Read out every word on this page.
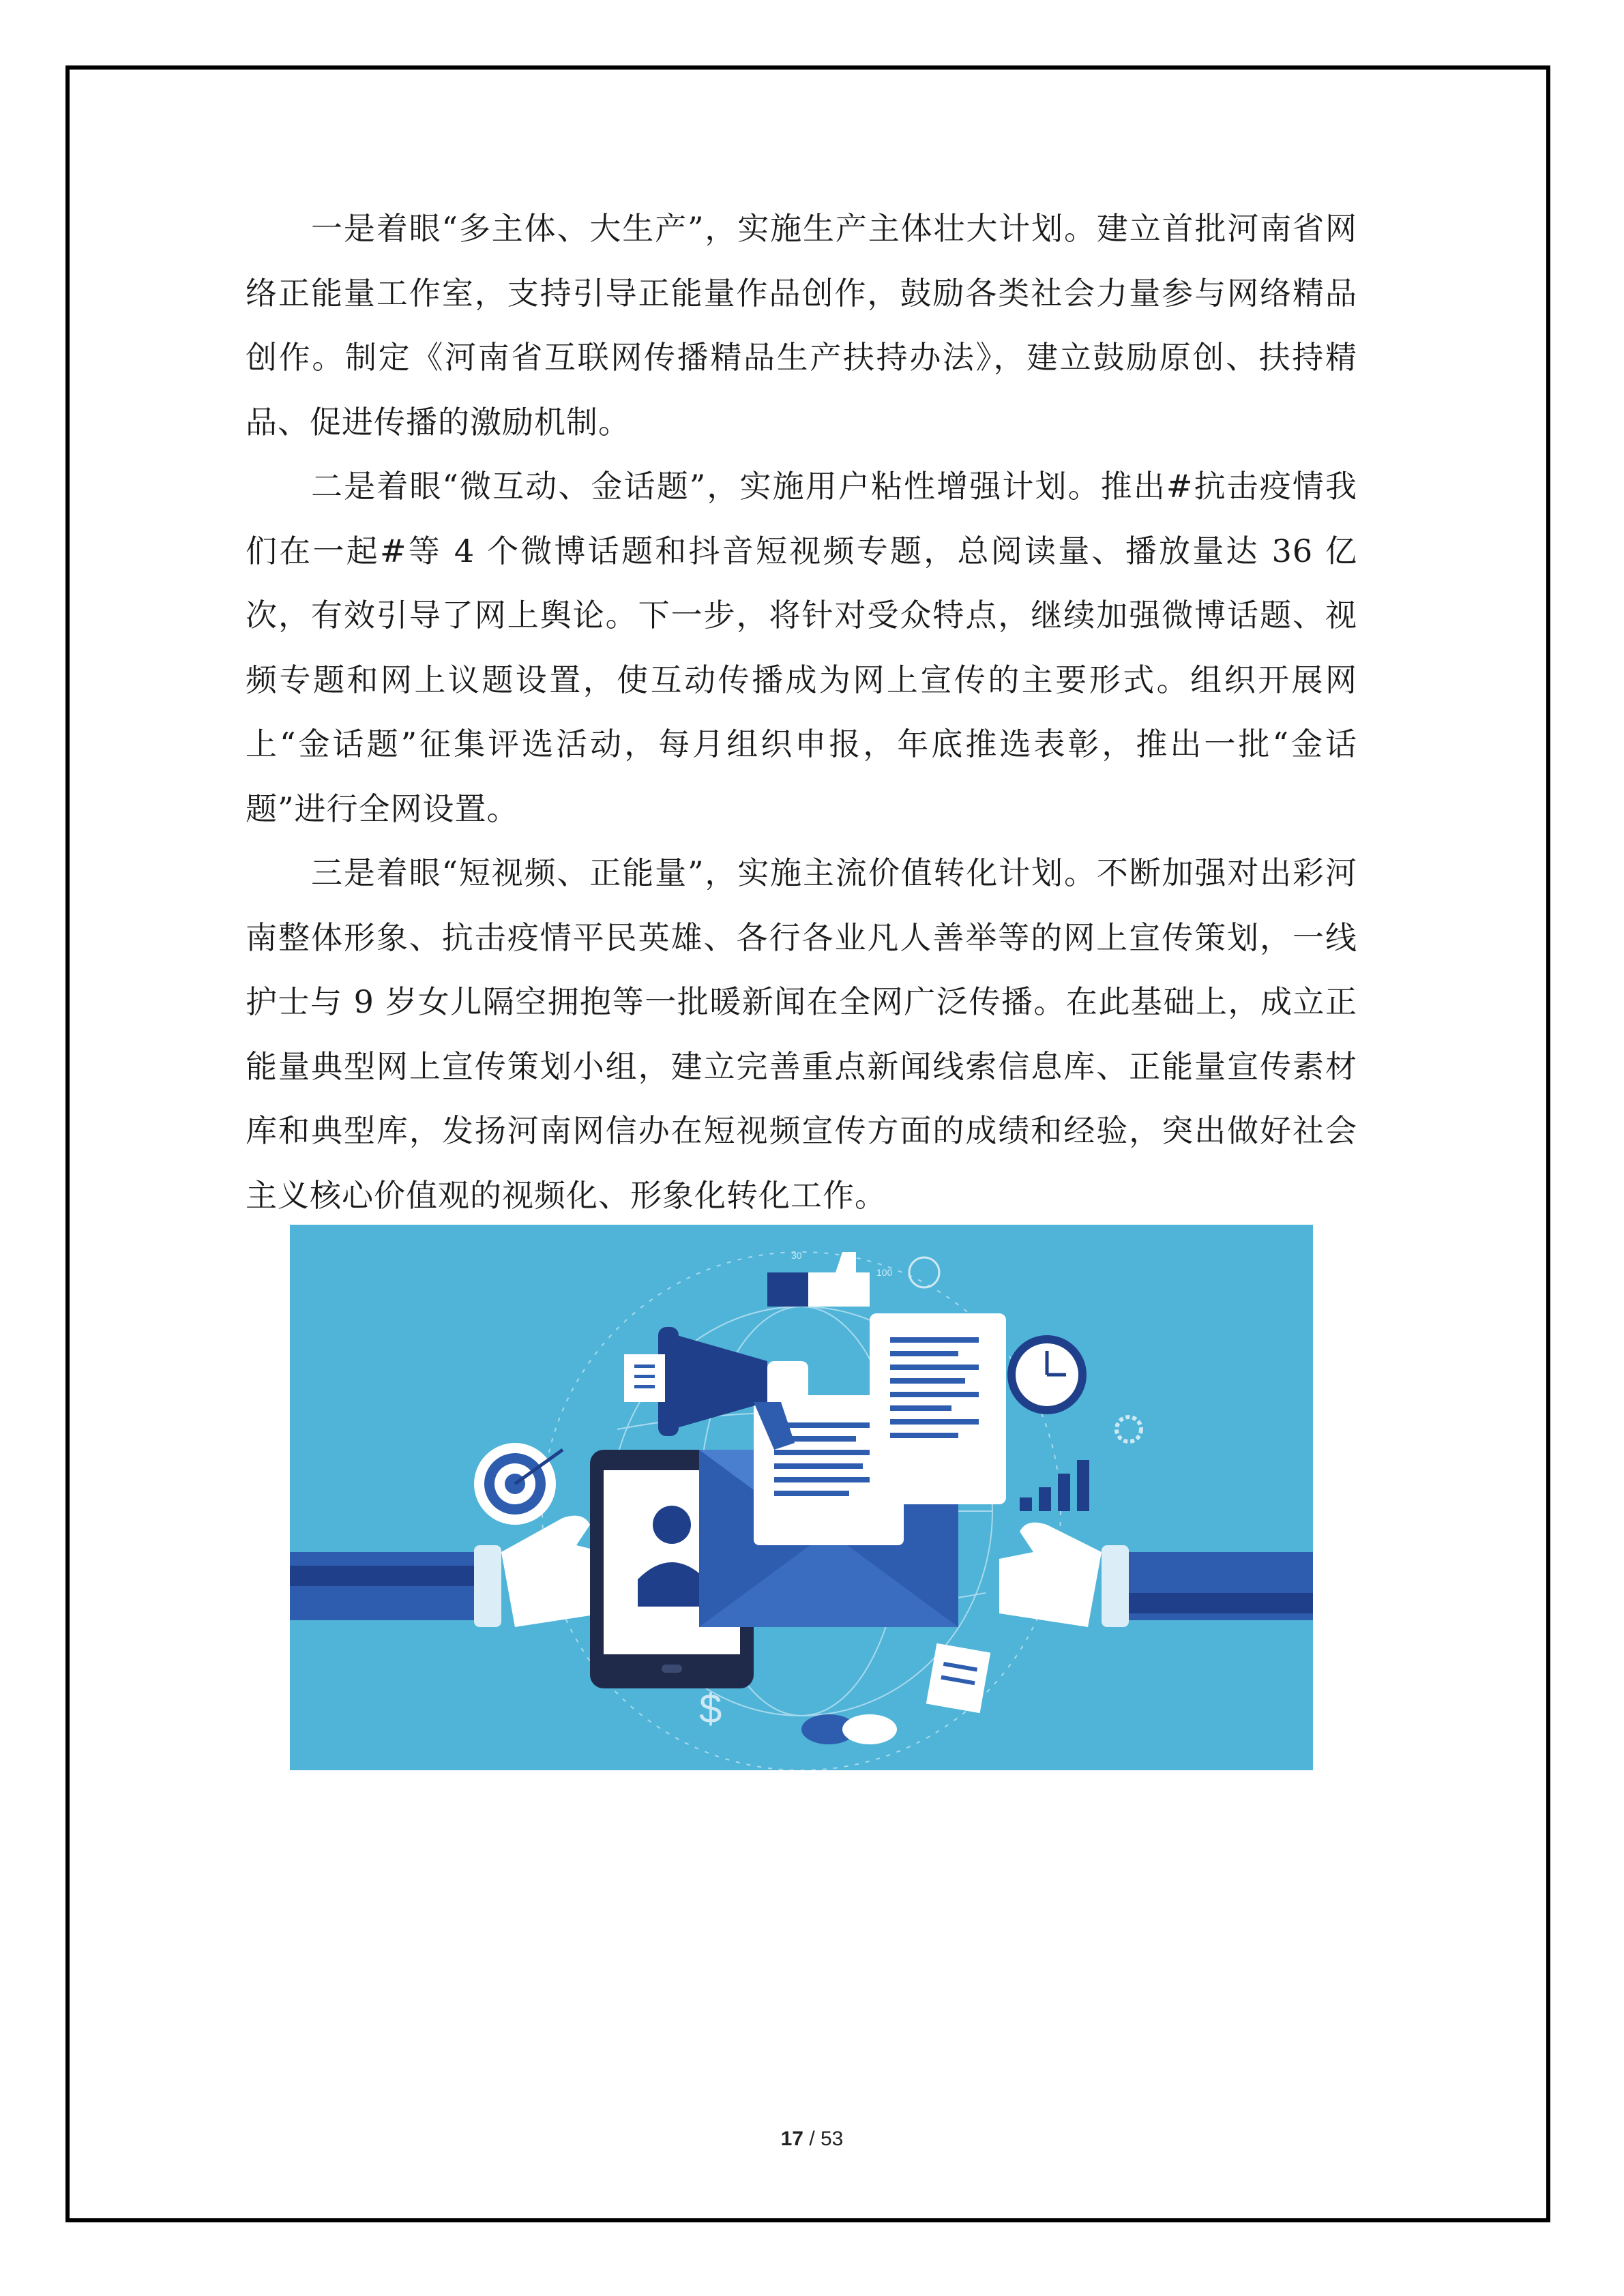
一是着眼“多主体、大生产”，实施生产主体壮大计划。建立首批河南省网络正能量工作室，支持引导正能量作品创作，鼓励各类社会力量参与网络精品创作。制定《河南省互联网传播精品生产扶持办法》，建立鼓励原创、扶持精品、促进传播的激励机制。

二是着眼“微互动、金话题”，实施用户粘性增强计划。推出#抗击疫情我们在一起#等 4 个微博话题和抖音短视频专题，总阅读量、播放量达 36 亿次，有效引导了网上舆论。下一步，将针对受众特点，继续加强微博话题、视频专题和网上议题设置，使互动传播成为网上宣传的主要形式。组织开展网上“金话题”征集评选活动，每月组织申报，年底推选表彰，推出一批“金话题”进行全网设置。

三是着眼“短视频、正能量”，实施主流价值转化计划。不断加强对出彩河南整体形象、抗击疫情平民英雄、各行各业凡人善举等的网上宣传策划，一线护士与 9 岁女儿隔空拥抱等一批暖新闻在全网广泛传播。在此基础上，成立正能量典型网上宣传策划小组，建立完善重点新闻线索信息库、正能量宣传素材库和典型库，发扬河南网信办在短视频宣传方面的成绩和经验，突出做好社会主义核心价值观的视频化、形象化转化工作。

30
100
$
17 / 53
